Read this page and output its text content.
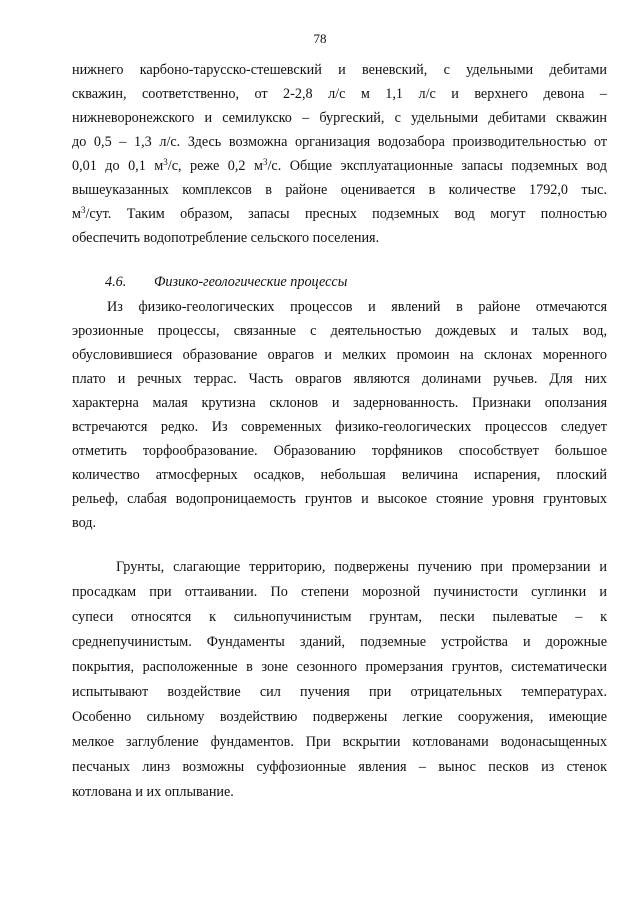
78
нижнего карбоно-тарусско-стешевский и веневский, с удельными дебитами
скважин, соответственно, от 2-2,8 л/с м 1,1 л/с и верхнего девона –
нижневоронежского и семилукско – бургеский, с удельными дебитами скважин
до 0,5 – 1,3 л/с. Здесь возможна организация водозабора производительностью от
0,01 до 0,1 $м^3/с$, реже 0,2 $м^3/с$. Общие эксплуатационные запасы подземных вод
вышеуказанных комплексов в районе оценивается в количестве 1792,0 тыс.
$м^3$/сут. Таким образом, запасы пресных подземных вод могут полностью
обеспечить водопотребление сельского поселения.
4.6. Физико-геологические процессы
Из физико-геологических процессов и явлений в районе отмечаются
эрозионные процессы, связанные с деятельностью дождевых и талых вод,
обусловившиеся образование оврагов и мелких промоин на склонах моренного
плато и речных террас. Часть оврагов являются долинами ручьев. Для них
характерна малая крутизна склонов и задернованность. Признаки оползания
встречаются редко. Из современных физико-геологических процессов следует
отметить торфообразование. Образованию торфяников способствует большое
количество атмосферных осадков, небольшая величина испарения, плоский
рельеф, слабая водопроницаемость грунтов и высокое стояние уровня грунтовых
вод.
Грунты, слагающие территорию, подвержены пучению при промерзании и
просадкам при оттаивании. По степени морозной пучинистости суглинки и
супеси относятся к сильнопучинистым грунтам, пески пылеватые – к
среднепучинистым. Фундаменты зданий, подземные устройства и дорожные
покрытия, расположенные в зоне сезонного промерзания грунтов, систематически
испытывают воздействие сил пучения при отрицательных температурах.
Особенно сильному воздействию подвержены легкие сооружения, имеющие
мелкое заглубление фундаментов. При вскрытии котлованами водонасыщенных
песчаных линз возможны суффозионные явления – вынос песков из стенок
котлована и их оплывание.
